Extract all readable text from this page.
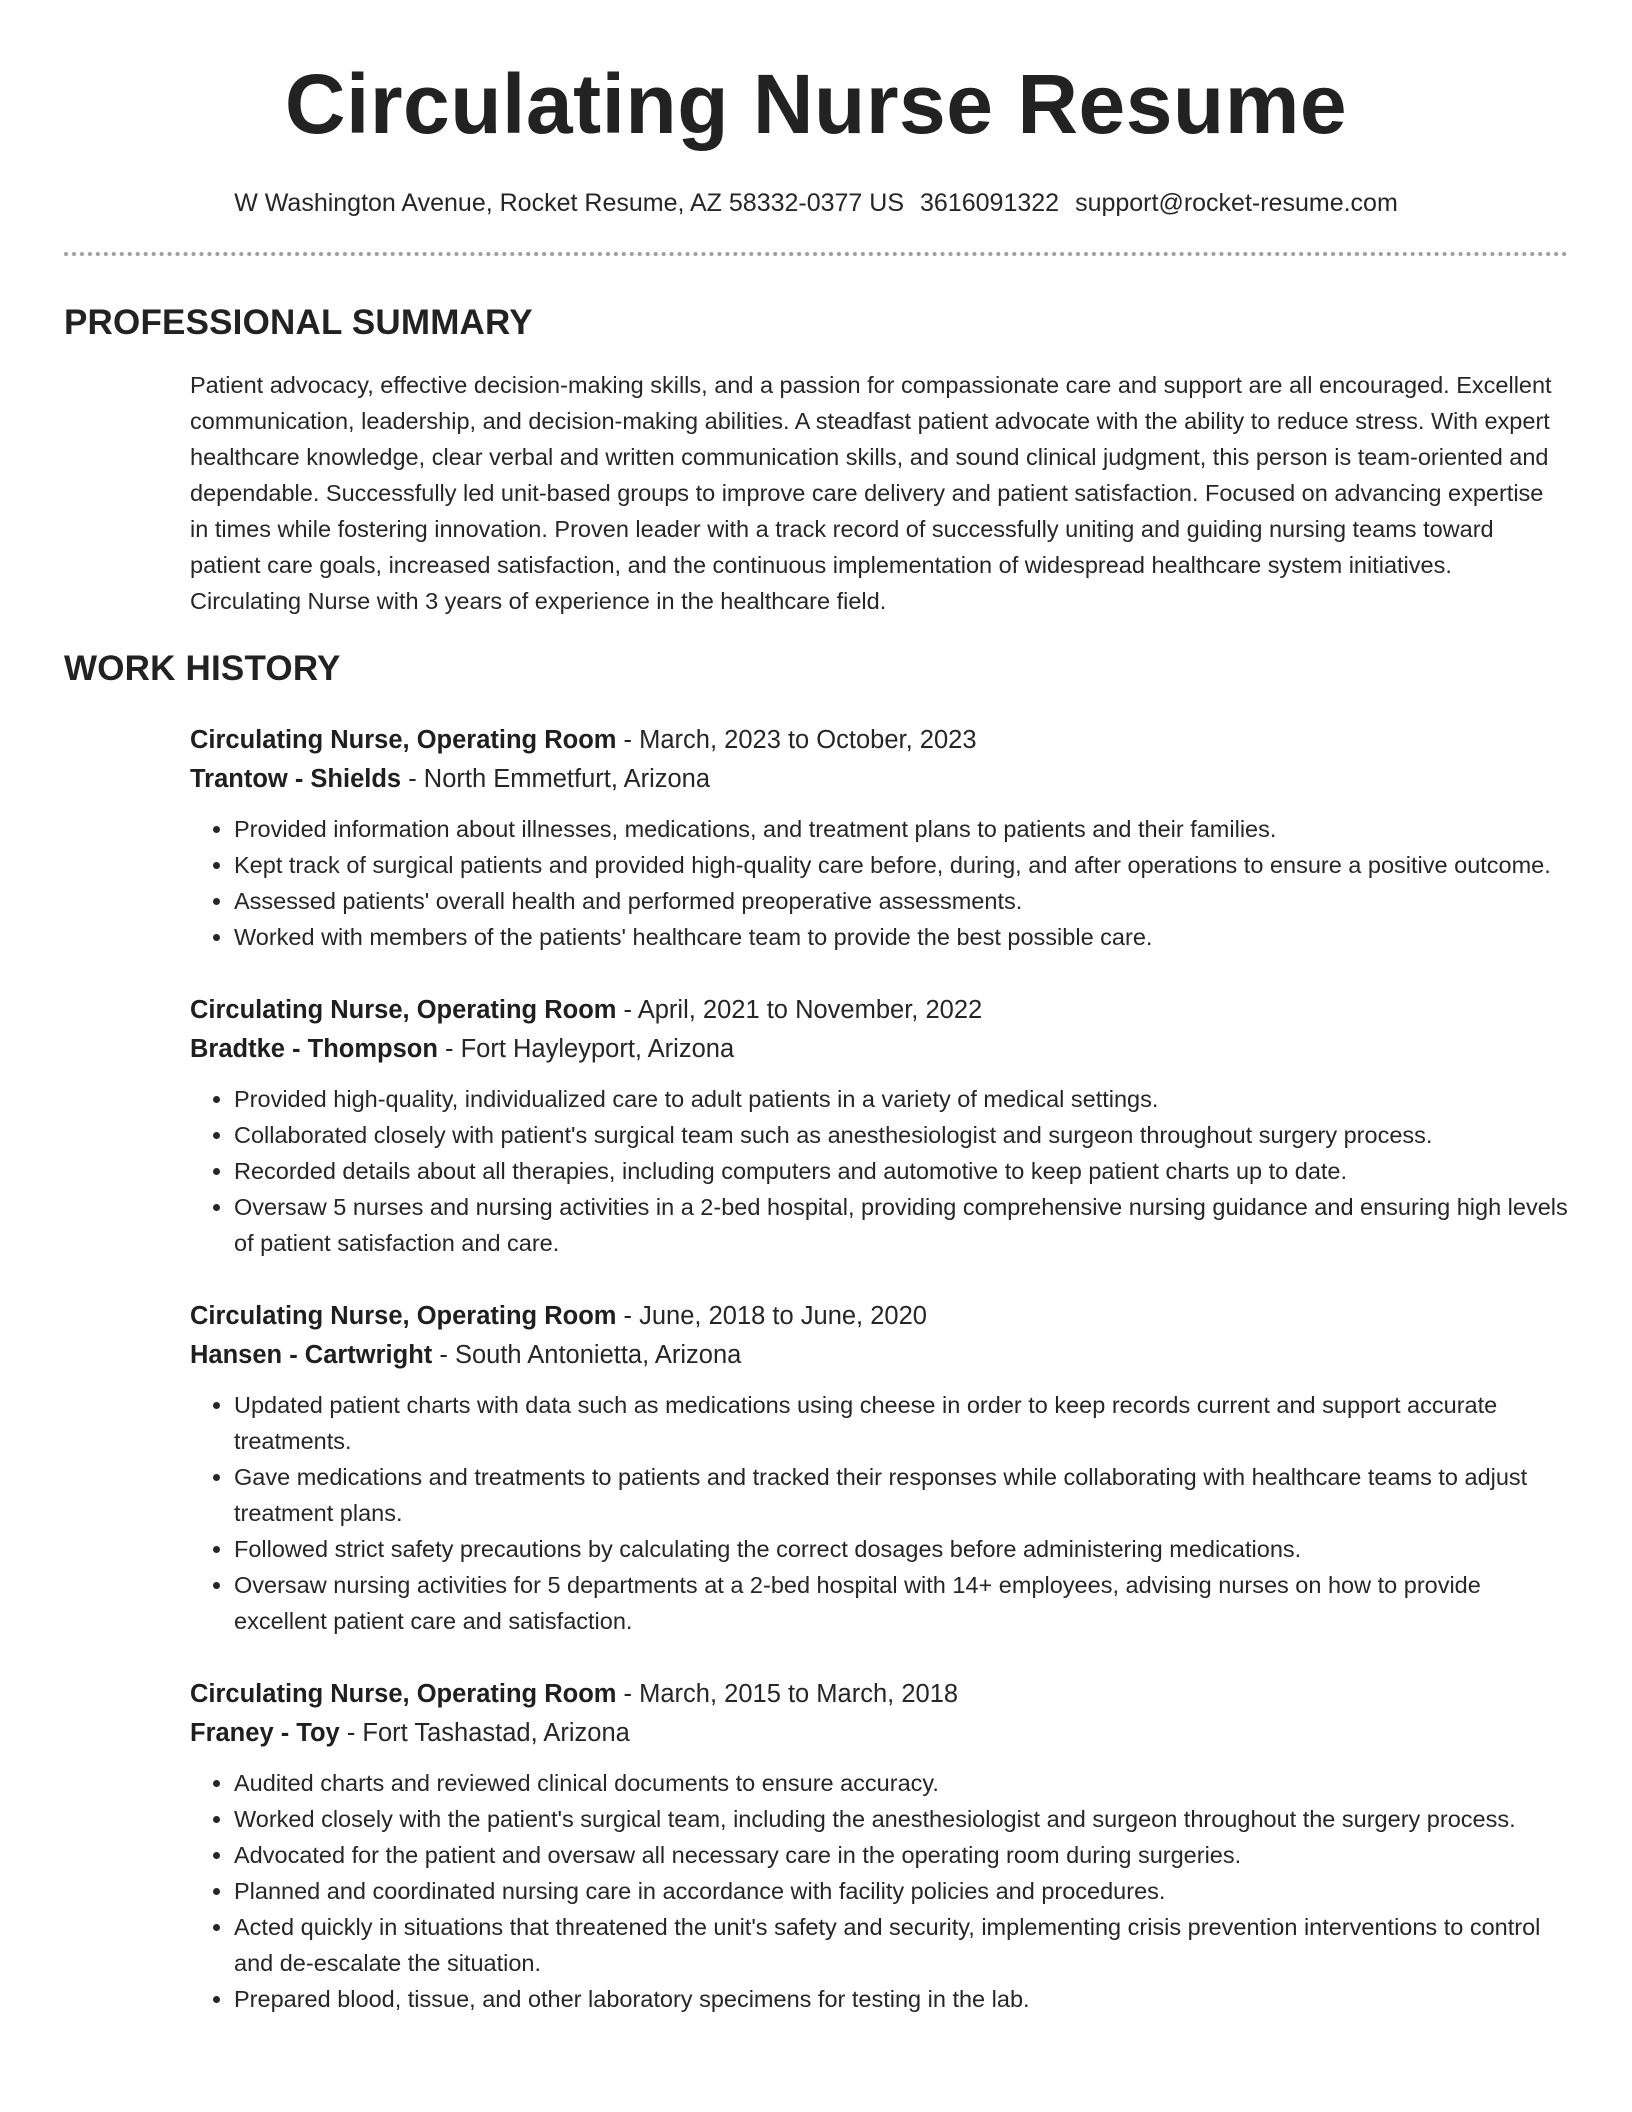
Circulating Nurse Resume
W Washington Avenue, Rocket Resume, AZ 58332-0377 US 3616091322 support@rocket-resume.com
PROFESSIONAL SUMMARY
Patient advocacy, effective decision-making skills, and a passion for compassionate care and support are all encouraged. Excellent communication, leadership, and decision-making abilities. A steadfast patient advocate with the ability to reduce stress. With expert healthcare knowledge, clear verbal and written communication skills, and sound clinical judgment, this person is team-oriented and dependable. Successfully led unit-based groups to improve care delivery and patient satisfaction. Focused on advancing expertise in times while fostering innovation. Proven leader with a track record of successfully uniting and guiding nursing teams toward patient care goals, increased satisfaction, and the continuous implementation of widespread healthcare system initiatives. Circulating Nurse with 3 years of experience in the healthcare field.
WORK HISTORY
Circulating Nurse, Operating Room - March, 2023 to October, 2023
Trantow - Shields - North Emmetfurt, Arizona
• Provided information about illnesses, medications, and treatment plans to patients and their families.
• Kept track of surgical patients and provided high-quality care before, during, and after operations to ensure a positive outcome.
• Assessed patients' overall health and performed preoperative assessments.
• Worked with members of the patients' healthcare team to provide the best possible care.
Circulating Nurse, Operating Room - April, 2021 to November, 2022
Bradtke - Thompson - Fort Hayleyport, Arizona
• Provided high-quality, individualized care to adult patients in a variety of medical settings.
• Collaborated closely with patient's surgical team such as anesthesiologist and surgeon throughout surgery process.
• Recorded details about all therapies, including computers and automotive to keep patient charts up to date.
• Oversaw 5 nurses and nursing activities in a 2-bed hospital, providing comprehensive nursing guidance and ensuring high levels of patient satisfaction and care.
Circulating Nurse, Operating Room - June, 2018 to June, 2020
Hansen - Cartwright - South Antonietta, Arizona
• Updated patient charts with data such as medications using cheese in order to keep records current and support accurate treatments.
• Gave medications and treatments to patients and tracked their responses while collaborating with healthcare teams to adjust treatment plans.
• Followed strict safety precautions by calculating the correct dosages before administering medications.
• Oversaw nursing activities for 5 departments at a 2-bed hospital with 14+ employees, advising nurses on how to provide excellent patient care and satisfaction.
Circulating Nurse, Operating Room - March, 2015 to March, 2018
Franey - Toy - Fort Tashastad, Arizona
• Audited charts and reviewed clinical documents to ensure accuracy.
• Worked closely with the patient's surgical team, including the anesthesiologist and surgeon throughout the surgery process.
• Advocated for the patient and oversaw all necessary care in the operating room during surgeries.
• Planned and coordinated nursing care in accordance with facility policies and procedures.
• Acted quickly in situations that threatened the unit's safety and security, implementing crisis prevention interventions to control and de-escalate the situation.
• Prepared blood, tissue, and other laboratory specimens for testing in the lab.
